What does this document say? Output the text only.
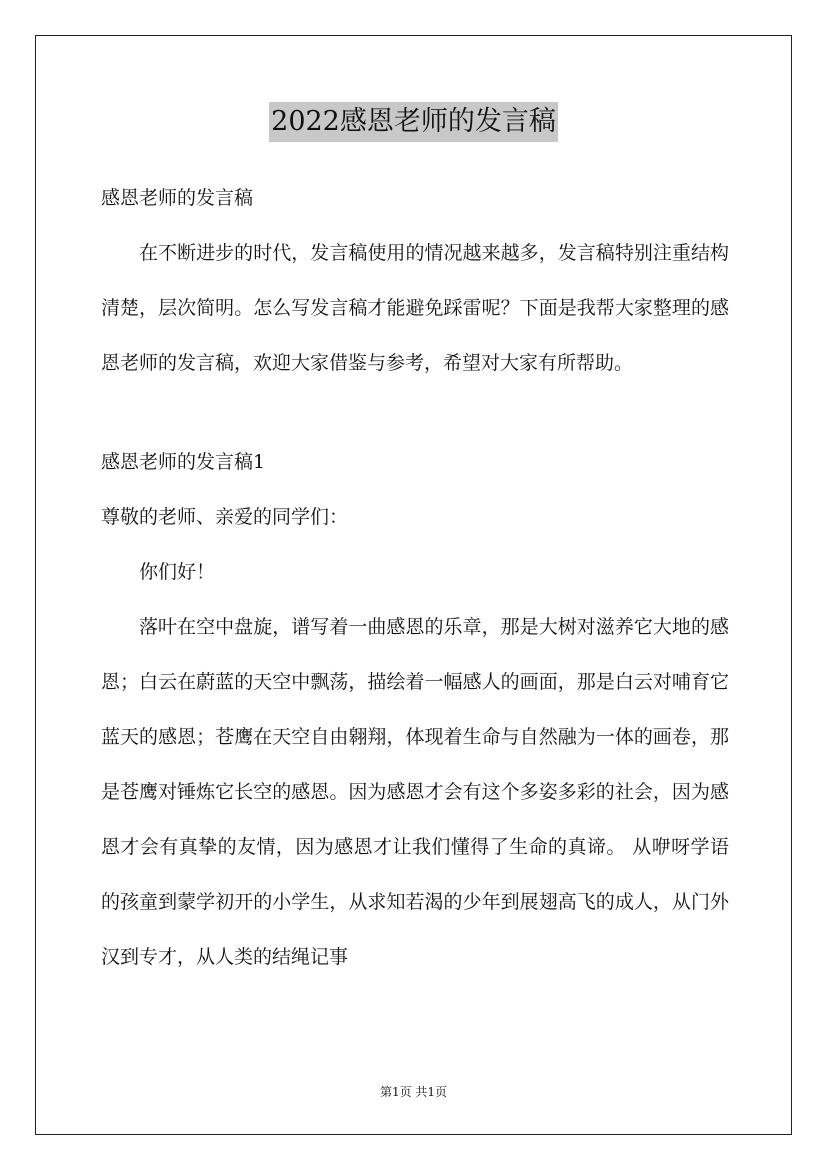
2022感恩老师的发言稿

感恩老师的发言稿

在不断进步的时代，发言稿使用的情况越来越多，发言稿特别注重结构清楚，层次简明。怎么写发言稿才能避免踩雷呢？下面是我帮大家整理的感恩老师的发言稿，欢迎大家借鉴与参考，希望对大家有所帮助。

感恩老师的发言稿1

尊敬的老师、亲爱的同学们：

你们好！

落叶在空中盘旋，谱写着一曲感恩的乐章，那是大树对滋养它大地的感恩；白云在蔚蓝的天空中飘荡，描绘着一幅感人的画面，那是白云对哺育它蓝天的感恩；苍鹰在天空自由翱翔，体现着生命与自然融为一体的画卷，那是苍鹰对锤炼它长空的感恩。因为感恩才会有这个多姿多彩的社会，因为感恩才会有真挚的友情，因为感恩才让我们懂得了生命的真谛。 从咿呀学语的孩童到蒙学初开的小学生，从求知若渴的少年到展翅高飞的成人，从门外汉到专才，从人类的结绳记事

第1页 共1页
